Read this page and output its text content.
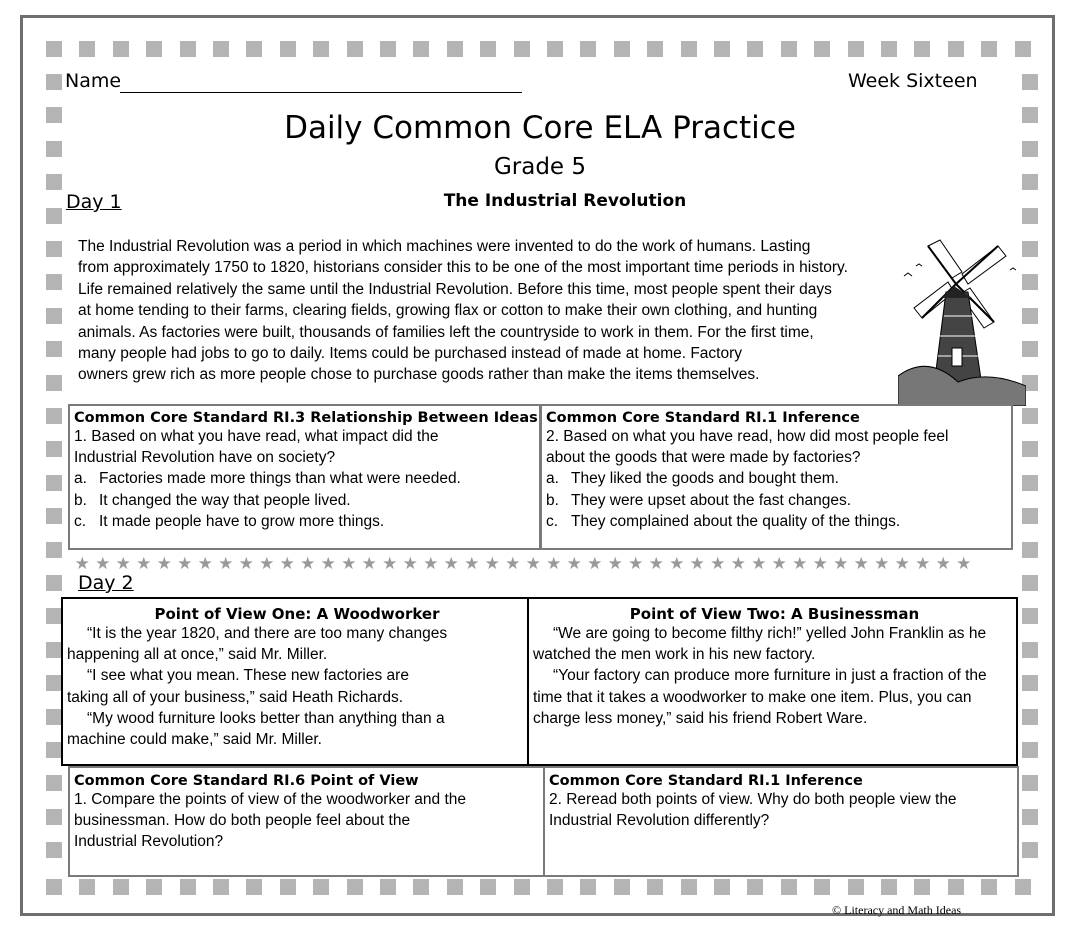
Name	Week Sixteen
Daily Common Core ELA Practice
Grade 5
Day 1	The Industrial Revolution
The Industrial Revolution was a period in which machines were invented to do the work of humans. Lasting
from approximately 1750 to 1820, historians consider this to be one of the most important time periods in history.
Life remained relatively the same until the Industrial Revolution. Before this time, most people spent their days
at home tending to their farms, clearing fields, growing flax or cotton to make their own clothing, and hunting
animals. As factories were built, thousands of families left the countryside to work in them. For the first time,
many people had jobs to go to daily. Items could be purchased instead of made at home. Factory
owners grew rich as more people chose to purchase goods rather than make the items themselves.
Common Core Standard RI.3 Relationship Between Ideas
1. Based on what you have read, what impact did the
Industrial Revolution have on society?
a. Factories made more things than what were needed.
b. It changed the way that people lived.
c. It made people have to grow more things.
Common Core Standard RI.1 Inference
2. Based on what you have read, how did most people feel
about the goods that were made by factories?
a. They liked the goods and bought them.
b. They were upset about the fast changes.
c. They complained about the quality of the things.
★ ★ ★ ★ ★ ★ ★ ★ ★ ★ ★ ★ ★ ★ ★ ★ ★ ★ ★ ★ ★ ★ ★ ★ ★ ★ ★ ★ ★ ★ ★ ★ ★ ★ ★ ★ ★ ★ ★ ★ ★ ★ ★ ★
Day 2
Point of View One: A Woodworker
“It is the year 1820, and there are too many changes
happening all at once,” said Mr. Miller.
“I see what you mean. These new factories are
taking all of your business,” said Heath Richards.
“My wood furniture looks better than anything than a
machine could make,” said Mr. Miller.
Point of View Two: A Businessman
“We are going to become filthy rich!” yelled John Franklin as he
watched the men work in his new factory.
“Your factory can produce more furniture in just a fraction of the
time that it takes a woodworker to make one item. Plus, you can
charge less money,” said his friend Robert Ware.
Common Core Standard RI.6 Point of View
1. Compare the points of view of the woodworker and the
businessman. How do both people feel about the
Industrial Revolution?
Common Core Standard RI.1 Inference
2. Reread both points of view. Why do both people view the
Industrial Revolution differently?
© Literacy and Math Ideas
